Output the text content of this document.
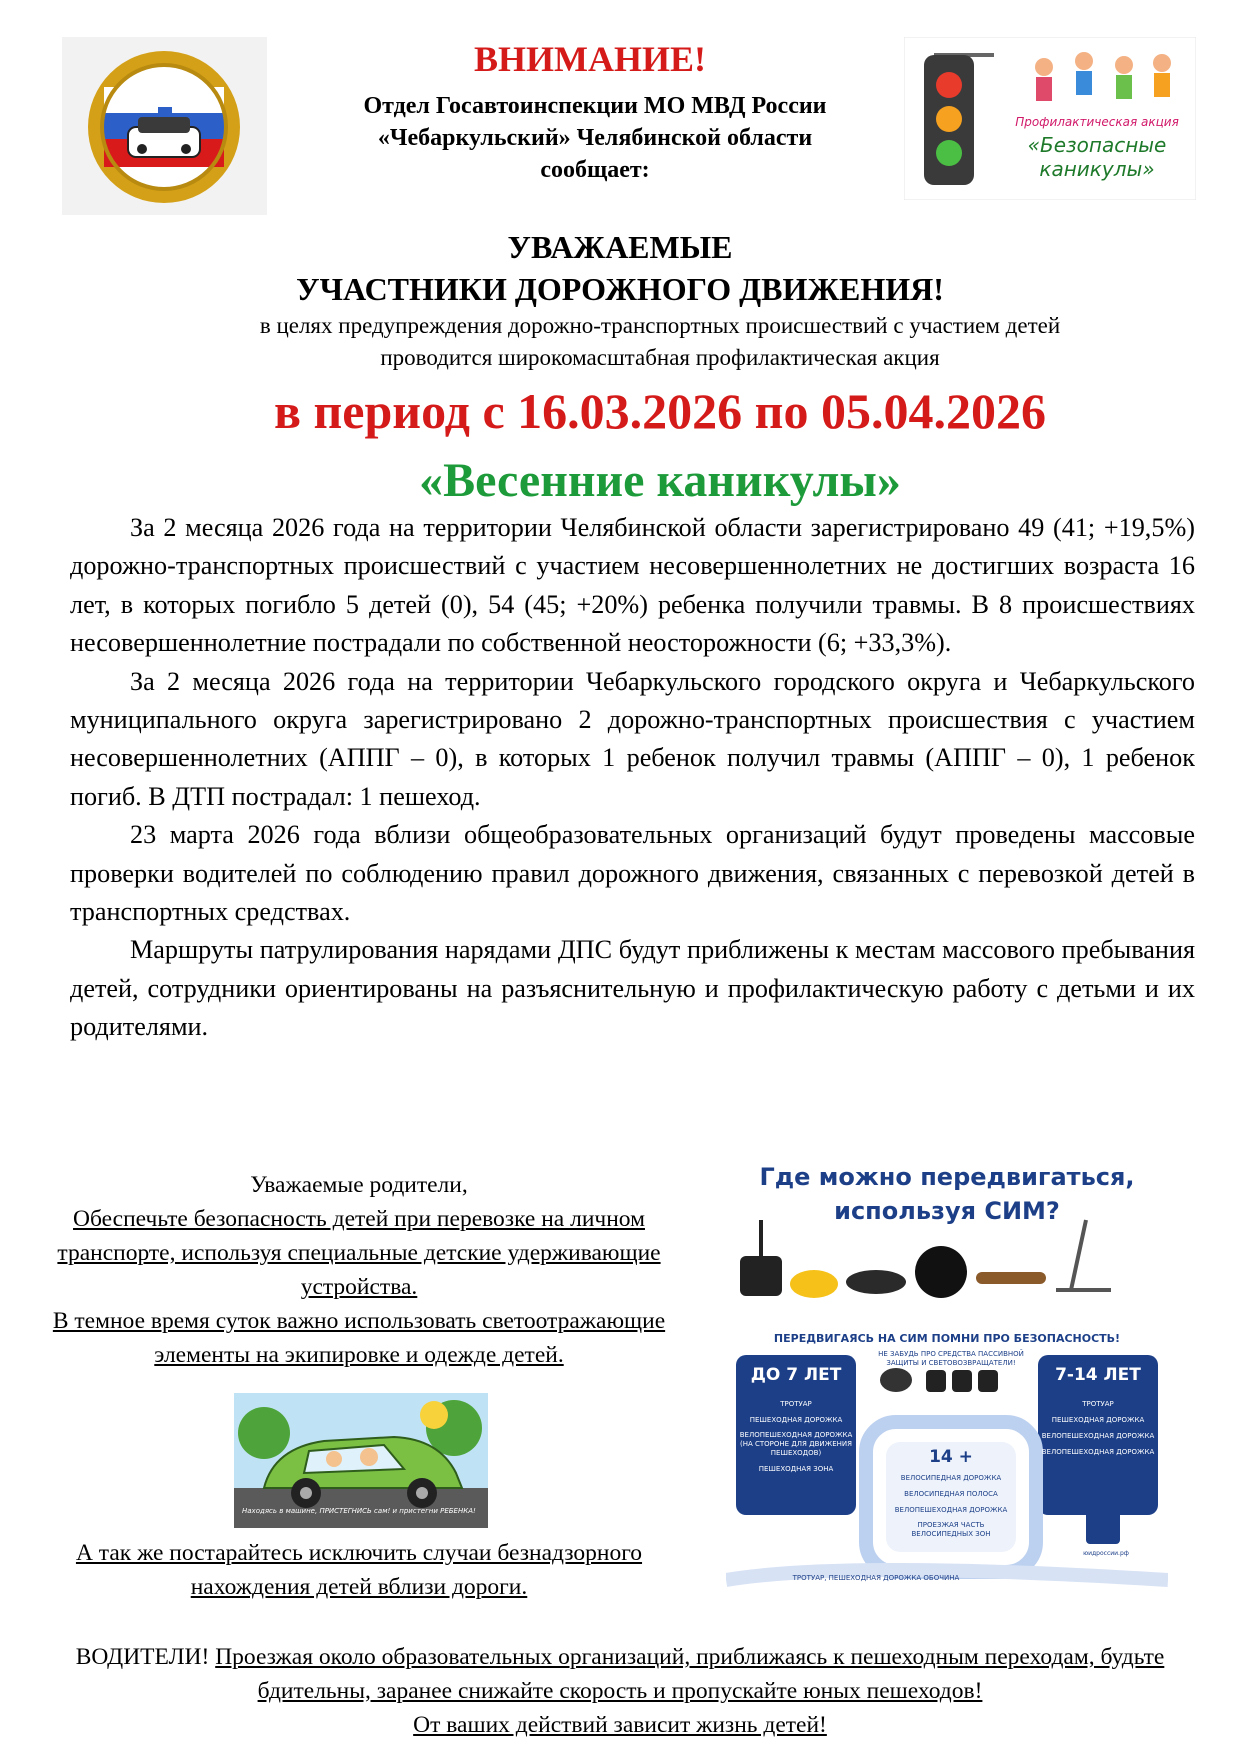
Профилактическая акция
«Безопасные
каникулы»
ВНИМАНИЕ!
Отдел Госавтоинспекции МО МВД России «Чебаркульский» Челябинской области
сообщает:
УВАЖАЕМЫЕ
УЧАСТНИКИ ДОРОЖНОГО ДВИЖЕНИЯ!
в целях предупреждения дорожно-транспортных происшествий с участием детей
проводится широкомасштабная профилактическая акция
в период с 16.03.2026 по 05.04.2026
«Весенние каникулы»

За 2 месяца 2026 года на территории Челябинской области зарегистрировано 49 (41; +19,5%) дорожно-транспортных происшествий с участием несовершеннолетних не достигших возраста 16 лет, в которых погибло 5 детей (0), 54 (45; +20%) ребенка получили травмы. В 8 происшествиях несовершеннолетние пострадали по собственной неосторожности (6; +33,3%).

За 2 месяца 2026 года на территории Чебаркульского городского округа и Чебаркульского муниципального округа зарегистрировано 2 дорожно-транспортных происшествия с участием несовершеннолетних (АППГ – 0), в которых 1 ребенок получил травмы (АППГ – 0), 1 ребенок погиб. В ДТП пострадал: 1 пешеход.

23 марта 2026 года вблизи общеобразовательных организаций будут проведены массовые проверки водителей по соблюдению правил дорожного движения, связанных с перевозкой детей в транспортных средствах.

Маршруты патрулирования нарядами ДПС будут приближены к местам массового пребывания детей, сотрудники ориентированы на разъяснительную и профилактическую работу с детьми и их родителями.

Уважаемые родители,
Обеспечьте безопасность детей при перевозке на личном транспорте, используя специальные детские удерживающие устройства.
В темное время суток важно использовать светоотражающие элементы на экипировке и одежде детей.
Находясь в машине, ПРИСТЕГНИСЬ сам! и пристегни РЕБЕНКА!
А так же постарайтесь исключить случаи безнадзорного нахождения детей вблизи дороги.
Где можно передвигаться,
используя СИМ?
ПЕРЕДВИГАЯСЬ НА СИМ ПОМНИ ПРО БЕЗОПАСНОСТЬ!
НЕ ЗАБУДЬ ПРО СРЕДСТВА ПАССИВНОЙ ЗАЩИТЫ И СВЕТОВОЗВРАЩАТЕЛИ!
ДО 7 ЛЕТ
ТРОТУАР
ПЕШЕХОДНАЯ ДОРОЖКА
ВЕЛОПЕШЕХОДНАЯ ДОРОЖКА (НА СТОРОНЕ ДЛЯ ДВИЖЕНИЯ ПЕШЕХОДОВ)
ПЕШЕХОДНАЯ ЗОНА
7-14 ЛЕТ
ТРОТУАР
ПЕШЕХОДНАЯ ДОРОЖКА
ВЕЛОПЕШЕХОДНАЯ ДОРОЖКА
ВЕЛОПЕШЕХОДНАЯ ДОРОЖКА
14 +
ВЕЛОСИПЕДНАЯ ДОРОЖКА
ВЕЛОСИПЕДНАЯ ПОЛОСА
ВЕЛОПЕШЕХОДНАЯ ДОРОЖКА
ПРОЕЗЖАЯ ЧАСТЬ ВЕЛОСИПЕДНЫХ ЗОН
ТРОТУАР, ПЕШЕХОДНАЯ ДОРОЖКА ОБОЧИНА
юидроссии.рф
ВОДИТЕЛИ! Проезжая около образовательных организаций, приближаясь к пешеходным переходам, будьте бдительны, заранее снижайте скорость и пропускайте юных пешеходов!
От ваших действий зависит жизнь детей!
